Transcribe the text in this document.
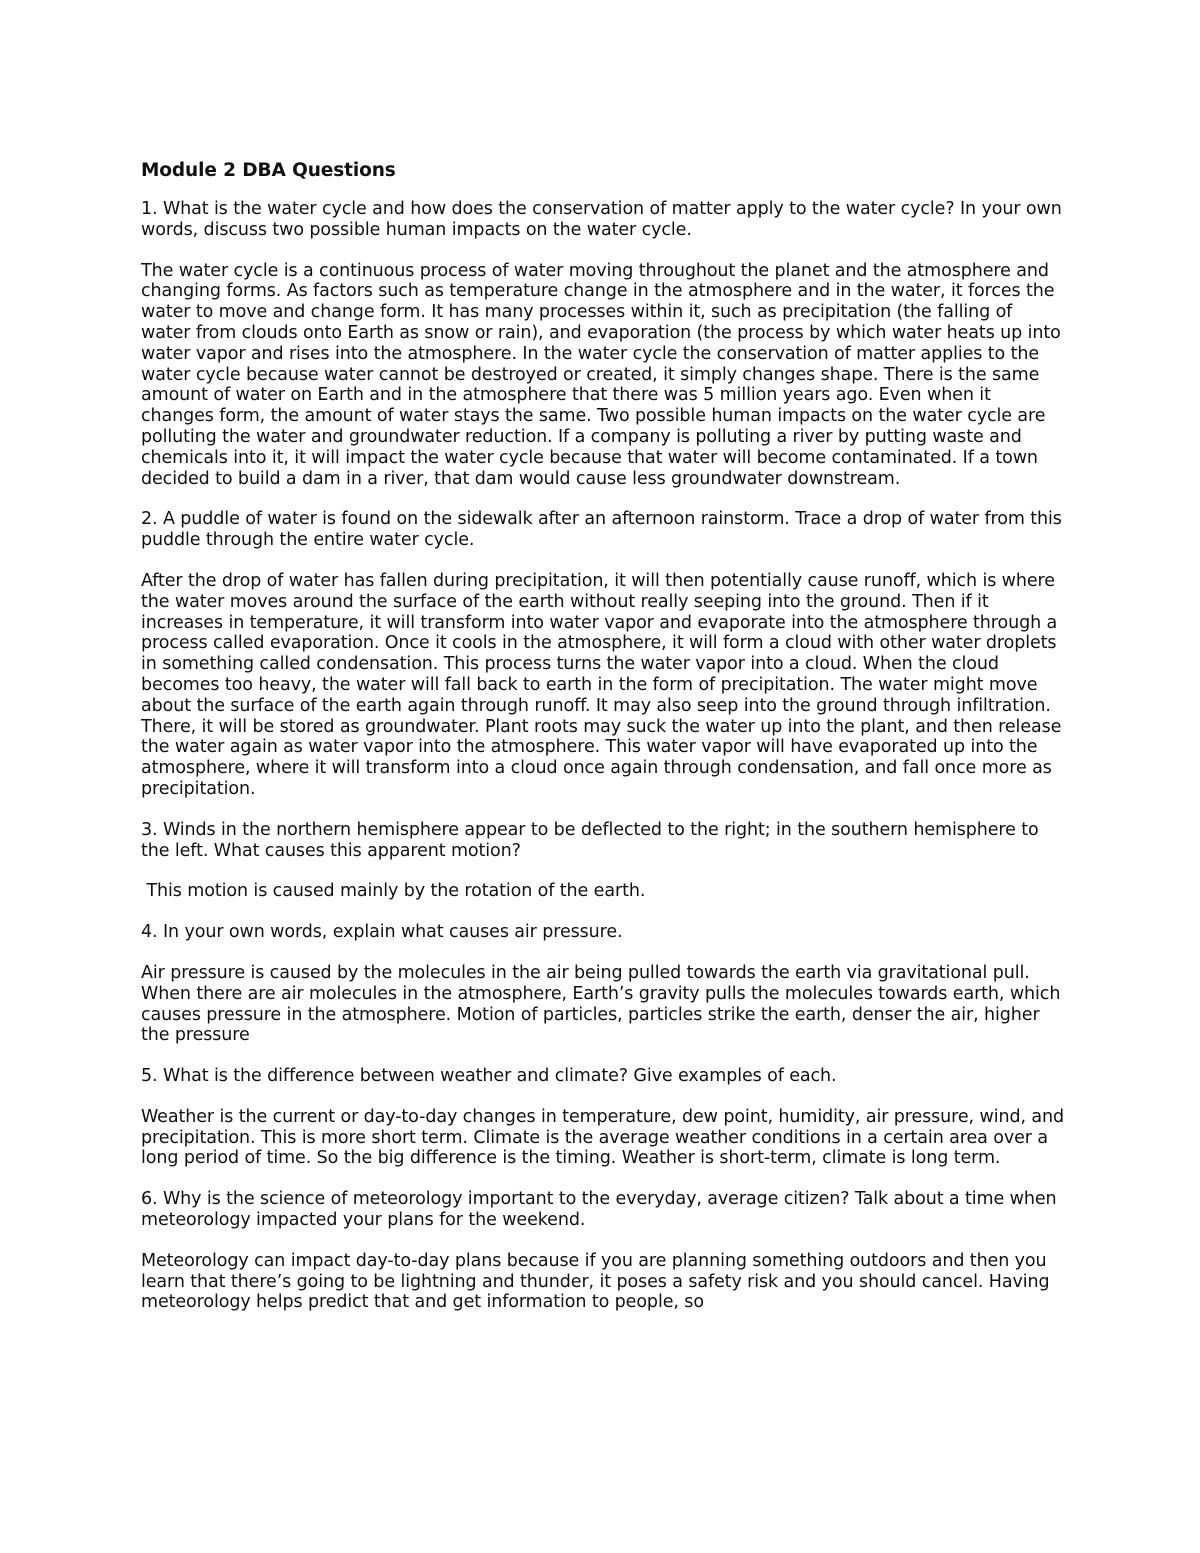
Module 2 DBA Questions
1. What is the water cycle and how does the conservation of matter apply to the water cycle? In your own words, discuss two possible human impacts on the water cycle.
The water cycle is a continuous process of water moving throughout the planet and the atmosphere and changing forms. As factors such as temperature change in the atmosphere and in the water, it forces the water to move and change form. It has many processes within it, such as precipitation (the falling of water from clouds onto Earth as snow or rain), and evaporation (the process by which water heats up into water vapor and rises into the atmosphere. In the water cycle the conservation of matter applies to the water cycle because water cannot be destroyed or created, it simply changes shape. There is the same amount of water on Earth and in the atmosphere that there was 5 million years ago. Even when it changes form, the amount of water stays the same. Two possible human impacts on the water cycle are polluting the water and groundwater reduction. If a company is polluting a river by putting waste and chemicals into it, it will impact the water cycle because that water will become contaminated. If a town decided to build a dam in a river, that dam would cause less groundwater downstream.
2. A puddle of water is found on the sidewalk after an afternoon rainstorm. Trace a drop of water from this puddle through the entire water cycle.
After the drop of water has fallen during precipitation, it will then potentially cause runoff, which is where the water moves around the surface of the earth without really seeping into the ground. Then if it increases in temperature, it will transform into water vapor and evaporate into the atmosphere through a process called evaporation. Once it cools in the atmosphere, it will form a cloud with other water droplets in something called condensation. This process turns the water vapor into a cloud. When the cloud becomes too heavy, the water will fall back to earth in the form of precipitation. The water might move about the surface of the earth again through runoff. It may also seep into the ground through infiltration. There, it will be stored as groundwater. Plant roots may suck the water up into the plant, and then release the water again as water vapor into the atmosphere. This water vapor will have evaporated up into the atmosphere, where it will transform into a cloud once again through condensation, and fall once more as precipitation.
3. Winds in the northern hemisphere appear to be deflected to the right; in the southern hemisphere to the left. What causes this apparent motion?
This motion is caused mainly by the rotation of the earth.
4. In your own words, explain what causes air pressure.
Air pressure is caused by the molecules in the air being pulled towards the earth via gravitational pull. When there are air molecules in the atmosphere, Earth’s gravity pulls the molecules towards earth, which causes pressure in the atmosphere. Motion of particles, particles strike the earth, denser the air, higher the pressure
5. What is the difference between weather and climate? Give examples of each.
Weather is the current or day-to-day changes in temperature, dew point, humidity, air pressure, wind, and precipitation. This is more short term. Climate is the average weather conditions in a certain area over a long period of time. So the big difference is the timing. Weather is short-term, climate is long term.
6. Why is the science of meteorology important to the everyday, average citizen? Talk about a time when meteorology impacted your plans for the weekend.
Meteorology can impact day-to-day plans because if you are planning something outdoors and then you learn that there’s going to be lightning and thunder, it poses a safety risk and you should cancel. Having meteorology helps predict that and get information to people, so
